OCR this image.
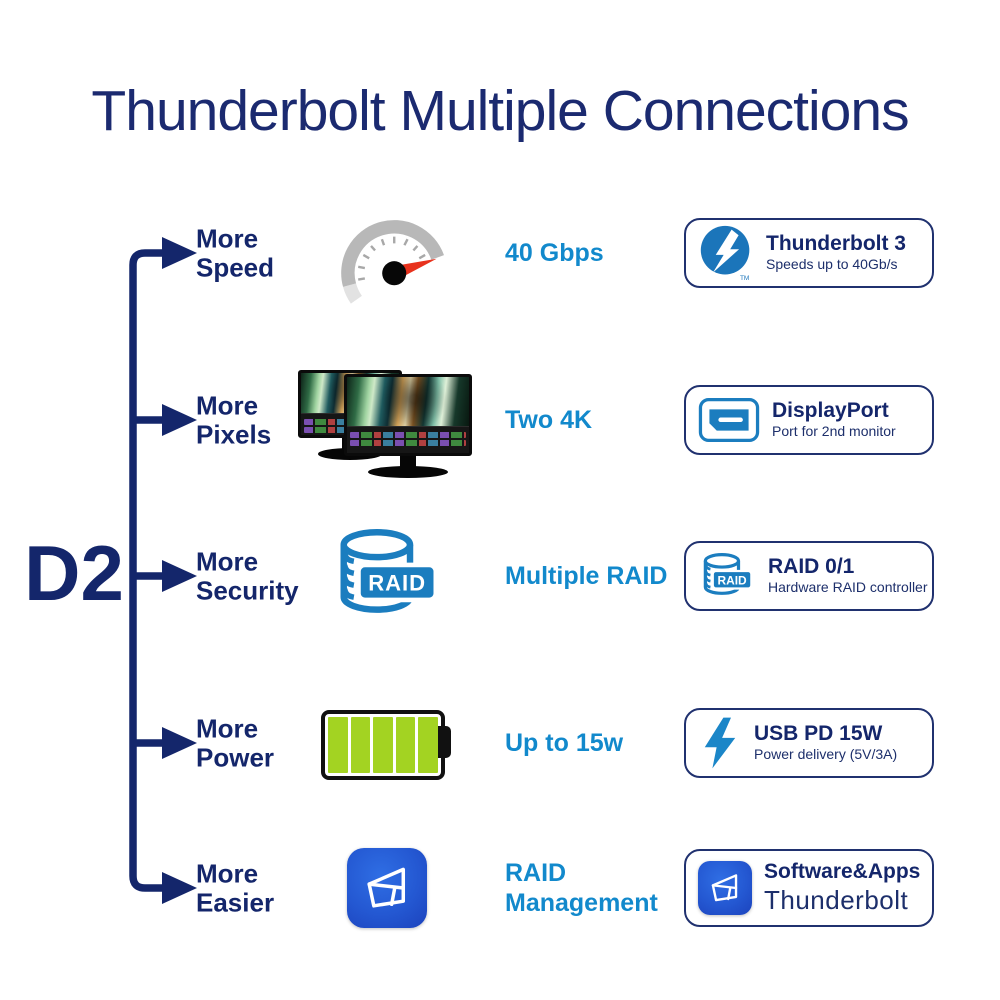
Thunderbolt Multiple Connections
D2
More
Speed	40 Gbps
TM
Thunderbolt 3
Speeds up to 40Gb/s
More
Pixels	Two 4K	DisplayPort
Port for 2nd monitor
More
Security	RAID	Multiple RAID RAID
RAID 0/1
Hardware RAID controller
More
Power	Up to 15w	USB PD 15W
Power delivery (5V/3A)
More
Easier
RAID
Management
Software&Apps
Thunderbolt
